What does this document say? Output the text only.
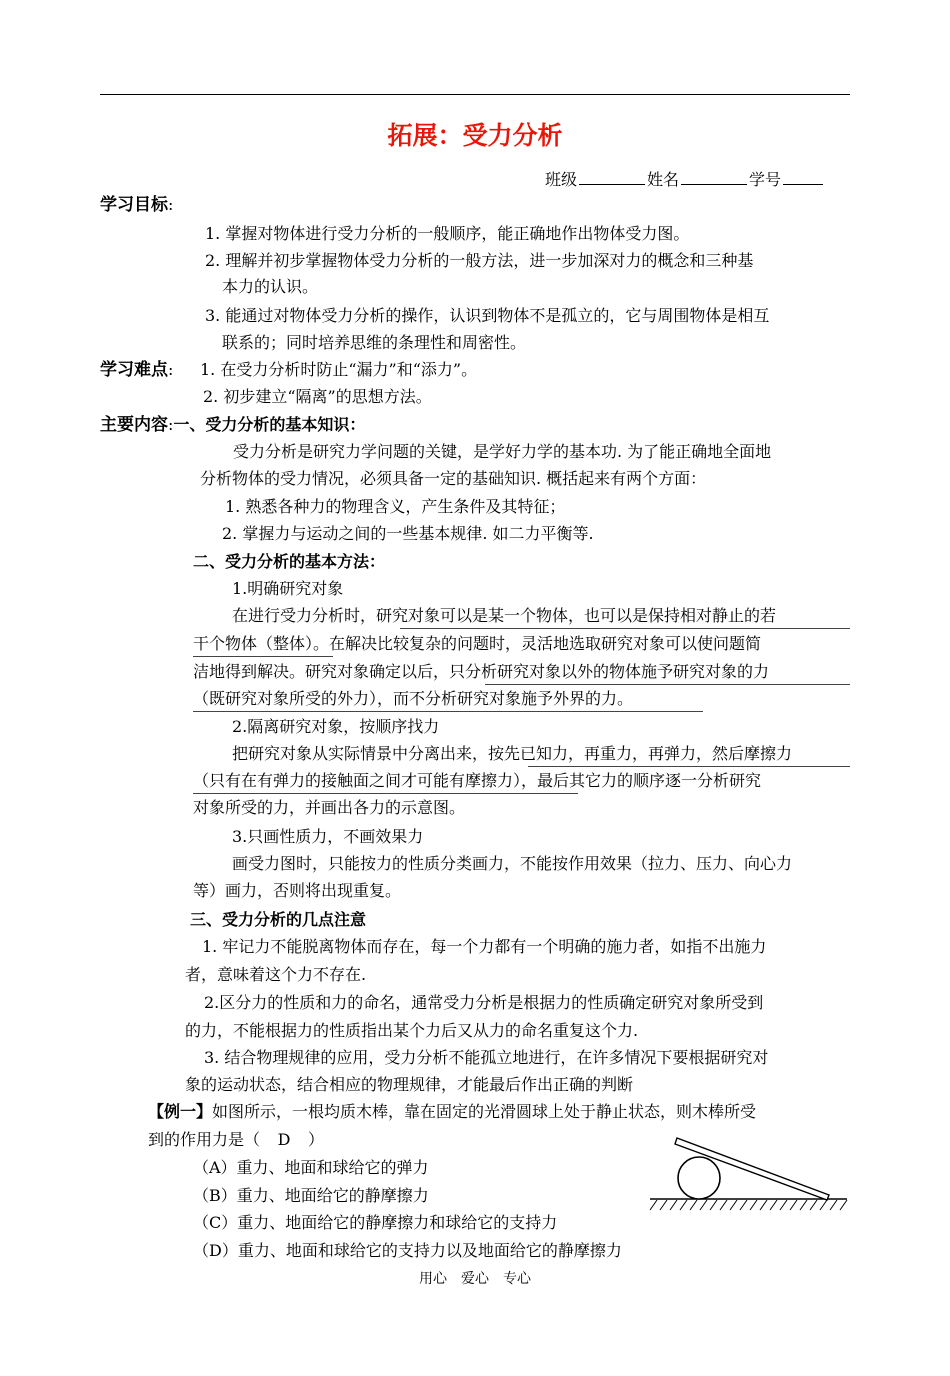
拓展：受力分析
班级	姓名	学号
学习目标:
1. 掌握对物体进行受力分析的一般顺序，能正确地作出物体受力图。
2. 理解并初步掌握物体受力分析的一般方法，进一步加深对力的概念和三种基
本力的认识。
3. 能通过对物体受力分析的操作，认识到物体不是孤立的，它与周围物体是相互
联系的；同时培养思维的条理性和周密性。
学习难点: 1. 在受力分析时防止“漏力”和“添力”。
2. 初步建立“隔离”的思想方法。
主要内容:一、受力分析的基本知识：
受力分析是研究力学问题的关键，是学好力学的基本功. 为了能正确地全面地
分析物体的受力情况，必须具备一定的基础知识. 概括起来有两个方面：
1. 熟悉各种力的物理含义，产生条件及其特征；
2. 掌握力与运动之间的一些基本规律. 如二力平衡等.
二、受力分析的基本方法：
1.明确研究对象
在进行受力分析时，研究对象可以是某一个物体，也可以是保持相对静止的若
干个物体（整体）。在解决比较复杂的问题时，灵活地选取研究对象可以使问题简
洁地得到解决。研究对象确定以后，只分析研究对象以外的物体施予研究对象的力
（既研究对象所受的外力），而不分析研究对象施予外界的力。
2.隔离研究对象，按顺序找力
把研究对象从实际情景中分离出来，按先已知力，再重力，再弹力，然后摩擦力
（只有在有弹力的接触面之间才可能有摩擦力），最后其它力的顺序逐一分析研究
对象所受的力，并画出各力的示意图。
3.只画性质力，不画效果力
画受力图时，只能按力的性质分类画力，不能按作用效果（拉力、压力、向心力
等）画力，否则将出现重复。
三、受力分析的几点注意
1. 牢记力不能脱离物体而存在，每一个力都有一个明确的施力者，如指不出施力
者，意味着这个力不存在.
2.区分力的性质和力的命名，通常受力分析是根据力的性质确定研究对象所受到
的力，不能根据力的性质指出某个力后又从力的命名重复这个力.
3. 结合物理规律的应用，受力分析不能孤立地进行，在许多情况下要根据研究对
象的运动状态，结合相应的物理规律，才能最后作出正确的判断
【例一】如图所示，一根均质木棒，靠在固定的光滑圆球上处于静止状态，则木棒所受
到的作用力是（ D ）
（A）重力、地面和球给它的弹力
（B）重力、地面给它的静摩擦力
（C）重力、地面给它的静摩擦力和球给它的支持力
（D）重力、地面和球给它的支持力以及地面给它的静摩擦力
用心　爱心　专心
